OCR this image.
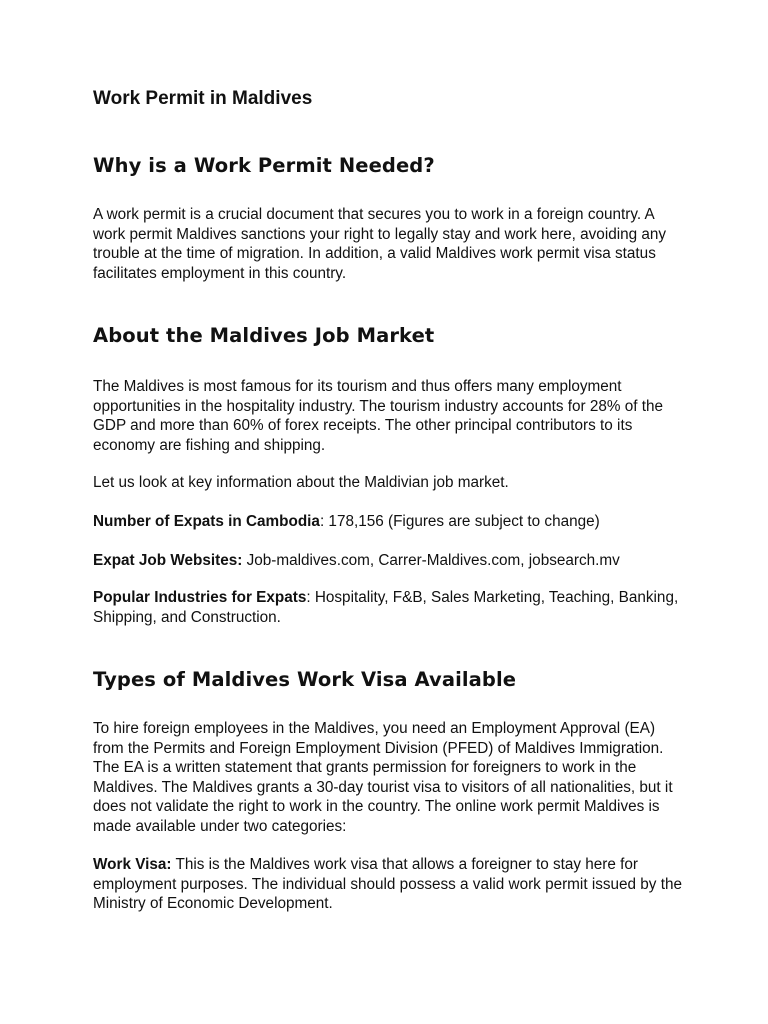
Work Permit in Maldives
Why is a Work Permit Needed?

A work permit is a crucial document that secures you to work in a foreign country. A work permit Maldives sanctions your right to legally stay and work here, avoiding any trouble at the time of migration. In addition, a valid Maldives work permit visa status facilitates employment in this country.

About the Maldives Job Market

The Maldives is most famous for its tourism and thus offers many employment opportunities in the hospitality industry. The tourism industry accounts for 28% of the GDP and more than 60% of forex receipts. The other principal contributors to its economy are fishing and shipping.

Let us look at key information about the Maldivian job market.

Number of Expats in Cambodia: 178,156 (Figures are subject to change)

Expat Job Websites: Job-maldives.com, Carrer-Maldives.com, jobsearch.mv

Popular Industries for Expats: Hospitality, F&B, Sales Marketing, Teaching, Banking, Shipping, and Construction.

Types of Maldives Work Visa Available

To hire foreign employees in the Maldives, you need an Employment Approval (EA) from the Permits and Foreign Employment Division (PFED) of Maldives Immigration. The EA is a written statement that grants permission for foreigners to work in the Maldives. The Maldives grants a 30-day tourist visa to visitors of all nationalities, but it does not validate the right to work in the country. The online work permit Maldives is made available under two categories:

Work Visa: This is the Maldives work visa that allows a foreigner to stay here for employment purposes. The individual should possess a valid work permit issued by the Ministry of Economic Development.
